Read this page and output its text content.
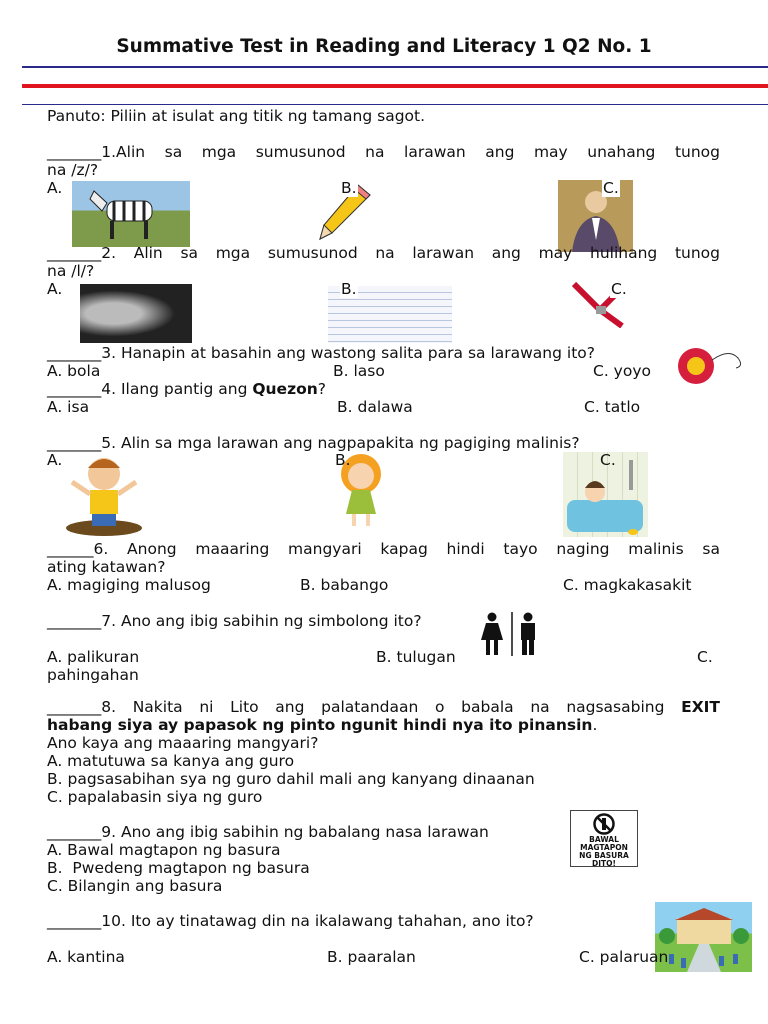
Summative Test in Reading and Literacy 1 Q2 No. 1
Panuto: Piliin at isulat ang titik ng tamang sagot.
_______1.Alin sa mga sumusunod na larawan ang may unahang tunog
na /z/?
A.	B.	C.
_______2. Alin sa mga sumusunod na larawan ang may hulihang tunog
na /l/?
A.	B.	C.
_______3. Hanapin at basahin ang wastong salita para sa larawang ito?
A. bola	B. laso	C. yoyo
_______4. Ilang pantig ang Quezon?
A. isa	B. dalawa	C. tatlo
_______5. Alin sa mga larawan ang nagpapakita ng pagiging malinis?
A.	B.	C.
______6. Anong maaaring mangyari kapag hindi tayo naging malinis sa
ating katawan?
A. magiging malusog	B. babango	C. magkakasakit
_______7. Ano ang ibig sabihin ng simbolong ito?
A. palikuran	B. tulugan	C.
pahingahan
_______8. Nakita ni Lito ang palatandaan o babala na nagsasabing EXIT
habang siya ay papasok ng pinto ngunit hindi nya ito pinansin.
Ano kaya ang maaaring mangyari?
A. matutuwa sa kanya ang guro
B. pagsasabihan sya ng guro dahil mali ang kanyang dinaanan
C. papalabasin siya ng guro
_______9. Ano ang ibig sabihin ng babalang nasa larawan	BAWAL MAGTAPON NG BASURA DITO!
A. Bawal magtapon ng basura
B.  Pwedeng magtapon ng basura
C. Bilangin ang basura
_______10. Ito ay tinatawag din na ikalawang tahahan, ano ito?
A. kantina	B. paaralan	C. palaruan
